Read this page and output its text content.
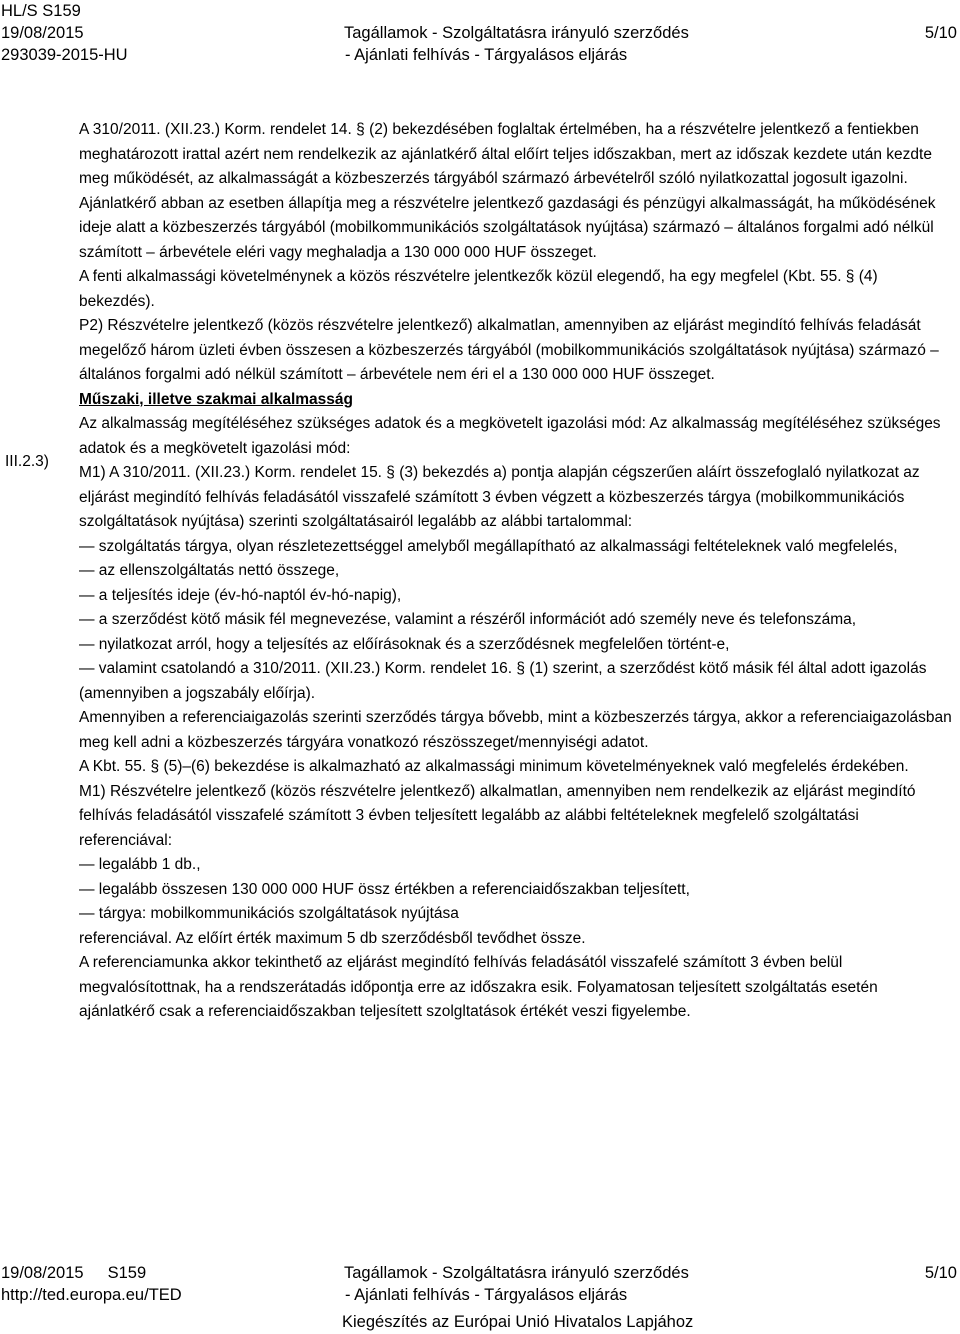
HL/S S159
19/08/2015
293039-2015-HU
Tagállamok - Szolgáltatásra irányuló szerződés
- Ajánlati felhívás - Tárgyalásos eljárás
5/10
III.2.3)

A 310/2011. (XII.23.) Korm. rendelet 14. § (2) bekezdésében foglaltak értelmében, ha a részvételre jelentkező a fentiekben meghatározott irattal azért nem rendelkezik az ajánlatkérő által előírt teljes időszakban, mert az időszak kezdete után kezdte meg működését, az alkalmasságát a közbeszerzés tárgyából származó árbevételről szóló nyilatkozattal jogosult igazolni. Ajánlatkérő abban az esetben állapítja meg a részvételre jelentkező gazdasági és pénzügyi alkalmasságát, ha működésének ideje alatt a közbeszerzés tárgyából (mobilkommunikációs szolgáltatások nyújtása) származó – általános forgalmi adó nélkül számított – árbevétele eléri vagy meghaladja a 130 000 000 HUF összeget.

A fenti alkalmassági követelménynek a közös részvételre jelentkezők közül elegendő, ha egy megfelel (Kbt. 55. § (4) bekezdés).

P2) Részvételre jelentkező (közös részvételre jelentkező) alkalmatlan, amennyiben az eljárást megindító felhívás feladását megelőző három üzleti évben összesen a közbeszerzés tárgyából (mobilkommunikációs szolgáltatások nyújtása) származó – általános forgalmi adó nélkül számított – árbevétele nem éri el a 130 000 000 HUF összeget.

Műszaki, illetve szakmai alkalmasság

Az alkalmasság megítéléséhez szükséges adatok és a megkövetelt igazolási mód: Az alkalmasság megítéléséhez szükséges adatok és a megkövetelt igazolási mód:

M1) A 310/2011. (XII.23.) Korm. rendelet 15. § (3) bekezdés a) pontja alapján cégszerűen aláírt összefoglaló nyilatkozat az eljárást megindító felhívás feladásától visszafelé számított 3 évben végzett a közbeszerzés tárgya (mobilkommunikációs szolgáltatások nyújtása) szerinti szolgáltatásairól legalább az alábbi tartalommal:

— szolgáltatás tárgya, olyan részletezettséggel amelyből megállapítható az alkalmassági feltételeknek való megfelelés,

— az ellenszolgáltatás nettó összege,

— a teljesítés ideje (év-hó-naptól év-hó-napig),

— a szerződést kötő másik fél megnevezése, valamint a részéről információt adó személy neve és telefonszáma,

— nyilatkozat arról, hogy a teljesítés az előírásoknak és a szerződésnek megfelelően történt-e,

— valamint csatolandó a 310/2011. (XII.23.) Korm. rendelet 16. § (1) szerint, a szerződést kötő másik fél által adott igazolás (amennyiben a jogszabály előírja).

Amennyiben a referenciaigazolás szerinti szerződés tárgya bővebb, mint a közbeszerzés tárgya, akkor a referenciaigazolásban meg kell adni a közbeszerzés tárgyára vonatkozó részösszeget/mennyiségi adatot.

A Kbt. 55. § (5)–(6) bekezdése is alkalmazható az alkalmassági minimum követelményeknek való megfelelés érdekében.

M1) Részvételre jelentkező (közös részvételre jelentkező) alkalmatlan, amennyiben nem rendelkezik az eljárást megindító felhívás feladásától visszafelé számított 3 évben teljesített legalább az alábbi feltételeknek megfelelő szolgáltatási referenciával:

— legalább 1 db.,

— legalább összesen 130 000 000 HUF össz értékben a referenciaidőszakban teljesített,

— tárgya: mobilkommunikációs szolgáltatások nyújtása

referenciával. Az előírt érték maximum 5 db szerződésből tevődhet össze.

A referenciamunka akkor tekinthető az eljárást megindító felhívás feladásától visszafelé számított 3 évben belül megvalósítottnak, ha a rendszerátadás időpontja erre az időszakra esik. Folyamatosan teljesített szolgáltatás esetén ajánlatkérő csak a referenciaidőszakban teljesített szolgltatások értékét veszi figyelembe.

19/08/2015 S159
http://ted.europa.eu/TED
Tagállamok - Szolgáltatásra irányuló szerződés
- Ajánlati felhívás - Tárgyalásos eljárás
Kiegészítés az Európai Unió Hivatalos Lapjához
5/10
